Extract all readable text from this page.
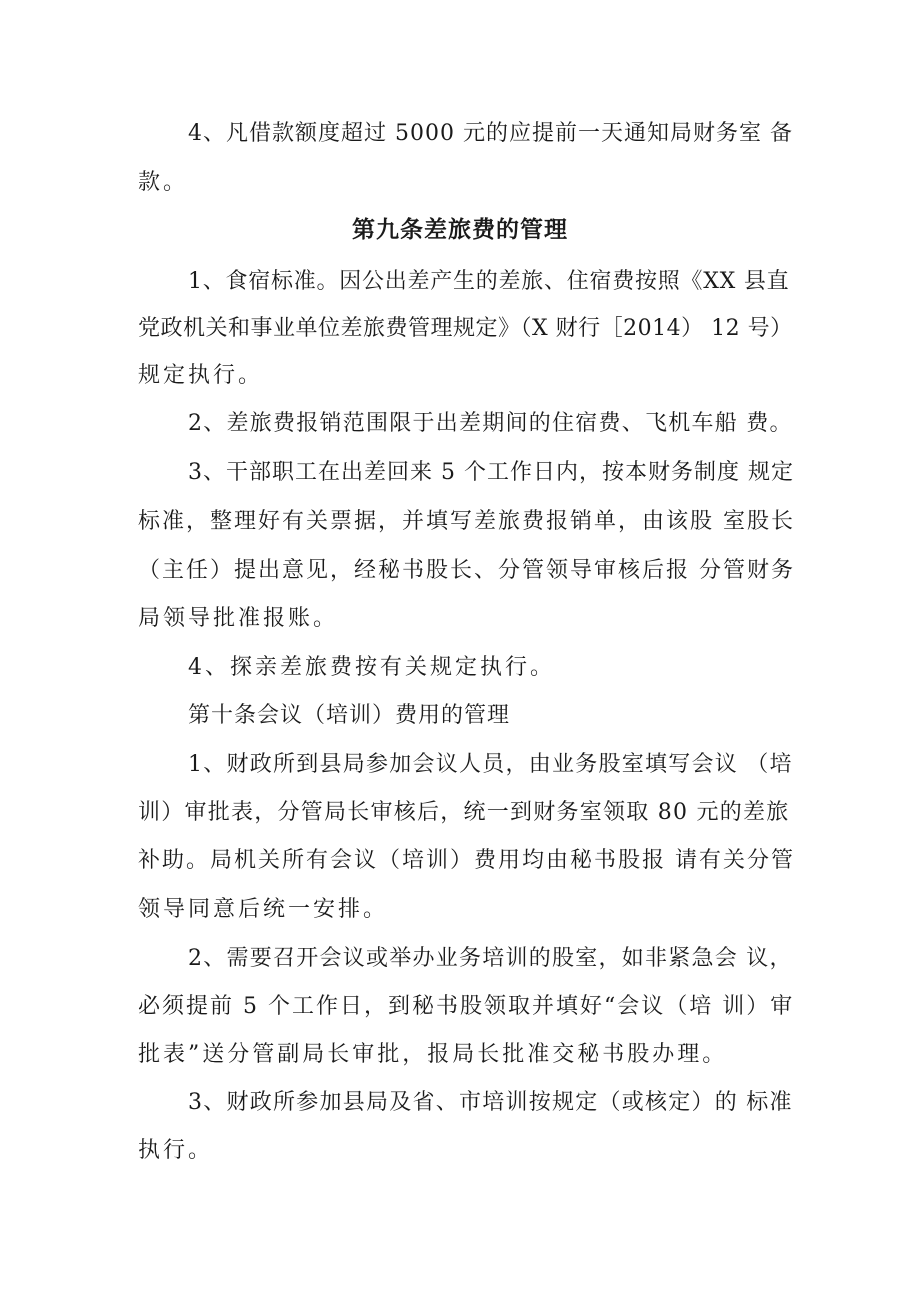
4、凡借款额度超过 5000 元的应提前一天通知局财务室 备
款。
第九条差旅费的管理
1、食宿标准。因公出差产生的差旅、住宿费按照《XX 县直
党政机关和事业单位差旅费管理规定》（X 财行［2014） 12 号）
规定执行。
2、差旅费报销范围限于出差期间的住宿费、飞机车船 费。
3、干部职工在出差回来 5 个工作日内，按本财务制度 规定
标准，整理好有关票据，并填写差旅费报销单，由该股 室股长
（主任）提出意见，经秘书股长、分管领导审核后报 分管财务
局领导批准报账。
4、探亲差旅费按有关规定执行。
第十条会议（培训）费用的管理
1、财政所到县局参加会议人员，由业务股室填写会议 （培
训）审批表，分管局长审核后，统一到财务室领取 80 元的差旅
补助。局机关所有会议（培训）费用均由秘书股报 请有关分管
领导同意后统一安排。
2、需要召开会议或举办业务培训的股室，如非紧急会 议，
必须提前 5 个工作日，到秘书股领取并填好“会议（培 训）审
批表”送分管副局长审批，报局长批准交秘书股办理。
3、财政所参加县局及省、市培训按规定（或核定）的 标准
执行。
